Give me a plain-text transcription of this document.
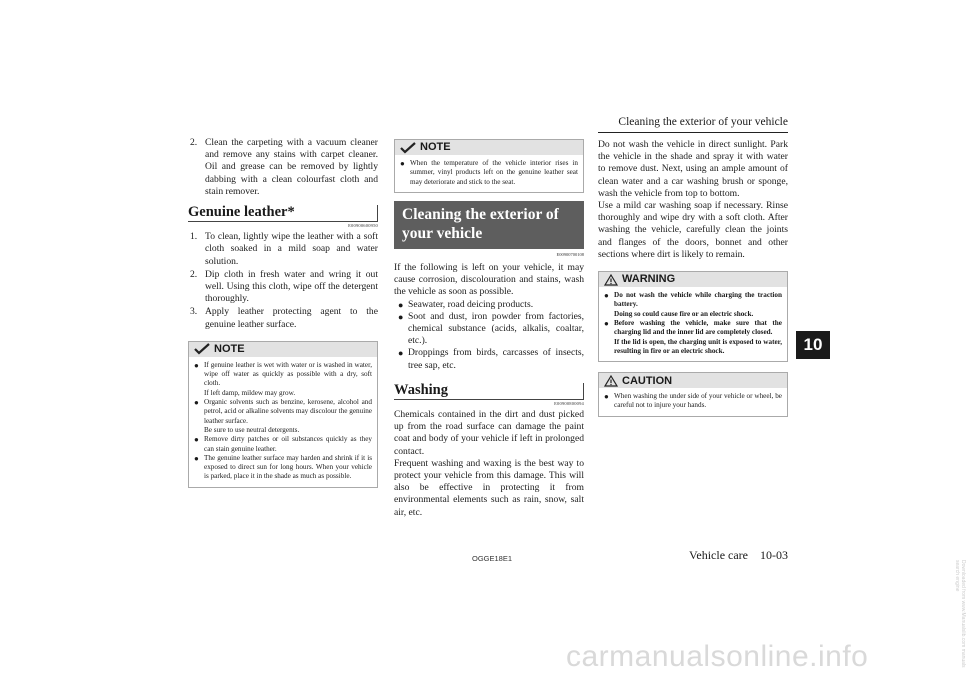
Cleaning the exterior of your vehicle
10
2. Clean the carpeting with a vacuum cleaner and remove any stains with carpet cleaner. Oil and grease can be removed by lightly dabbing with a clean colourfast cloth and stain remover.
Genuine leather*
E00900600950
1. To clean, lightly wipe the leather with a soft cloth soaked in a mild soap and water solution.
2. Dip cloth in fresh water and wring it out well. Using this cloth, wipe off the detergent thoroughly.
3. Apply leather protecting agent to the genuine leather surface.
NOTE
● If genuine leather is wet with water or is washed in water, wipe off water as quickly as possible with a dry, soft cloth.
If left damp, mildew may grow.
● Organic solvents such as benzine, kerosene, alcohol and petrol, acid or alkaline solvents may discolour the genuine leather surface.
Be sure to use neutral detergents.
● Remove dirty patches or oil substances quickly as they can stain genuine leather.
● The genuine leather surface may harden and shrink if it is exposed to direct sun for long hours. When your vehicle is parked, place it in the shade as much as possible.
NOTE
● When the temperature of the vehicle interior rises in summer, vinyl products left on the genuine leather seat may deteriorate and stick to the seat.
Cleaning the exterior of your vehicle
E00900700108
If the following is left on your vehicle, it may cause corrosion, discolouration and stains, wash the vehicle as soon as possible.
● Seawater, road deicing products.
● Soot and dust, iron powder from factories, chemical substance (acids, alkalis, coaltar, etc.).
● Droppings from birds, carcasses of insects, tree sap, etc.
Washing
E00900800094
Chemicals contained in the dirt and dust picked up from the road surface can damage the paint coat and body of your vehicle if left in prolonged contact.
Frequent washing and waxing is the best way to protect your vehicle from this damage. This will also be effective in protecting it from environmental elements such as rain, snow, salt air, etc.
Do not wash the vehicle in direct sunlight. Park the vehicle in the shade and spray it with water to remove dust. Next, using an ample amount of clean water and a car washing brush or sponge, wash the vehicle from top to bottom.
Use a mild car washing soap if necessary. Rinse thoroughly and wipe dry with a soft cloth. After washing the vehicle, carefully clean the joints and flanges of the doors, bonnet and other sections where dirt is likely to remain.
WARNING
● Do not wash the vehicle while charging the traction battery.
Doing so could cause fire or an electric shock.
● Before washing the vehicle, make sure that the charging lid and the inner lid are completely closed.
If the lid is open, the charging unit is exposed to water, resulting in fire or an electric shock.
CAUTION
● When washing the under side of your vehicle or wheel, be careful not to injure your hands.
OGGE18E1	Vehicle care 10-03
carmanualsonline.info	Downloaded from www.Manualslib.com manuals search engine
